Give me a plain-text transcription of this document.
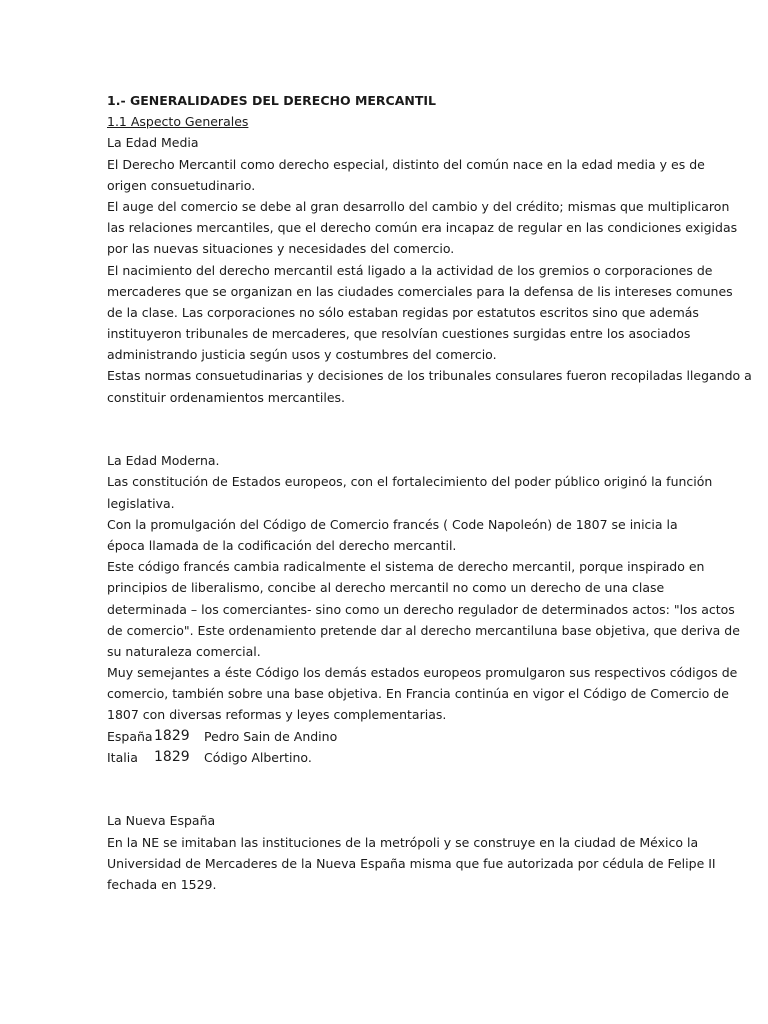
1.- GENERALIDADES DEL DERECHO MERCANTIL
1.1 Aspecto Generales
La Edad Media
El Derecho Mercantil como derecho especial, distinto del común nace en la edad media y es de
origen consuetudinario.
El auge del comercio se debe al gran desarrollo del cambio y del crédito; mismas que multiplicaron
las relaciones mercantiles, que el derecho común era incapaz de regular en las condiciones exigidas
por las nuevas situaciones y necesidades del comercio.
El nacimiento del derecho mercantil está ligado a la actividad de los gremios o corporaciones de
mercaderes que se organizan en las ciudades comerciales para la defensa de lis intereses comunes
de la clase. Las corporaciones no sólo estaban regidas por estatutos escritos sino que además
instituyeron tribunales de mercaderes, que resolvían cuestiones surgidas entre los asociados
administrando justicia según usos y costumbres del comercio.
Estas normas consuetudinarias y decisiones de los tribunales consulares fueron recopiladas llegando a
constituir ordenamientos mercantiles.
La Edad Moderna.
Las constitución de Estados europeos, con el fortalecimiento del poder público originó la función
legislativa.
Con la promulgación del Código de Comercio francés ( Code Napoleón) de 1807 se inicia la
época llamada de la codificación del derecho mercantil.
Este código francés cambia radicalmente el sistema de derecho mercantil, porque inspirado en
principios de liberalismo, concibe al derecho mercantil no como un derecho de una clase
determinada – los comerciantes- sino como un derecho regulador de determinados actos: "los actos
de comercio". Este ordenamiento pretende dar al derecho mercantiluna base objetiva, que deriva de
su naturaleza comercial.
Muy semejantes a éste Código los demás estados europeos promulgaron sus respectivos códigos de
comercio, también sobre una base objetiva. En Francia continúa en vigor el Código de Comercio de
1807 con diversas reformas y leyes complementarias.
España 1829	Pedro Sain de Andino
Italia	1829	Código Albertino.
La Nueva España
En la NE se imitaban las instituciones de la metrópoli y se construye en la ciudad de México la
Universidad de Mercaderes de la Nueva España misma que fue autorizada por cédula de Felipe II
fechada en 1529.
